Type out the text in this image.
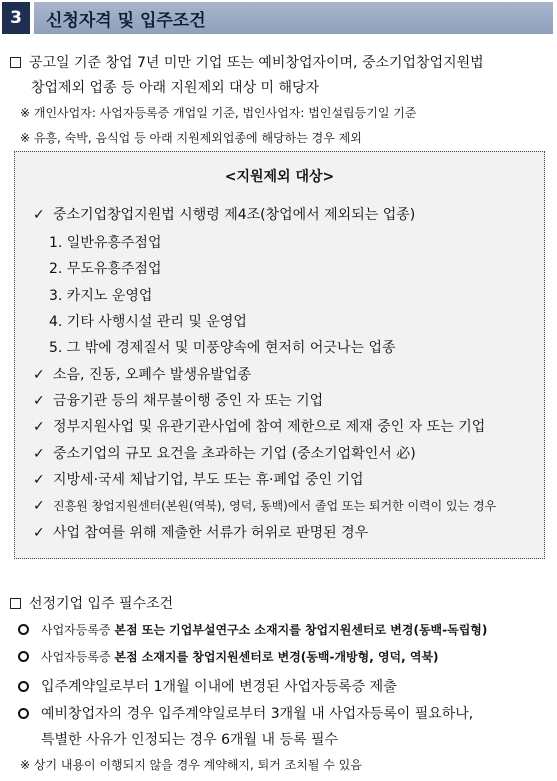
3	신청자격 및 입주조건
공고일 기준 창업 7년 미만 기업 또는 예비창업자이며, 중소기업창업지원법
창업제외 업종 등 아래 지원제외 대상 미 해당자
※ 개인사업자: 사업자등록증 개업일 기준, 법인사업자: 법인설립등기일 기준
※ 유흥, 숙박, 음식업 등 아래 지원제외업종에 해당하는 경우 제외
<지원제외 대상>
✓ 중소기업창업지원법 시행령 제4조(창업에서 제외되는 업종)
1. 일반유흥주점업
2. 무도유흥주점업
3. 카지노 운영업
4. 기타 사행시설 관리 및 운영업
5. 그 밖에 경제질서 및 미풍양속에 현저히 어긋나는 업종
✓ 소음, 진동, 오폐수 발생유발업종
✓ 금융기관 등의 채무불이행 중인 자 또는 기업
✓ 정부지원사업 및 유관기관사업에 참여 제한으로 제재 중인 자 또는 기업
✓ 중소기업의 규모 요건을 초과하는 기업 (중소기업확인서 必)
✓ 지방세·국세 체납기업, 부도 또는 휴·폐업 중인 기업
✓ 진흥원 창업지원센터(본원(역북), 영덕, 동백)에서 졸업 또는 퇴거한 이력이 있는 경우
✓ 사업 참여를 위해 제출한 서류가 허위로 판명된 경우
선정기업 입주 필수조건
사업자등록증 본점 또는 기업부설연구소 소재지를 창업지원센터로 변경(동백-독립형)
사업자등록증 본점 소재지를 창업지원센터로 변경(동백-개방형, 영덕, 역북)
입주계약일로부터 1개월 이내에 변경된 사업자등록증 제출
예비창업자의 경우 입주계약일로부터 3개월 내 사업자등록이 필요하나,
특별한 사유가 인정되는 경우 6개월 내 등록 필수
※ 상기 내용이 이행되지 않을 경우 계약해지, 퇴거 조치될 수 있음
